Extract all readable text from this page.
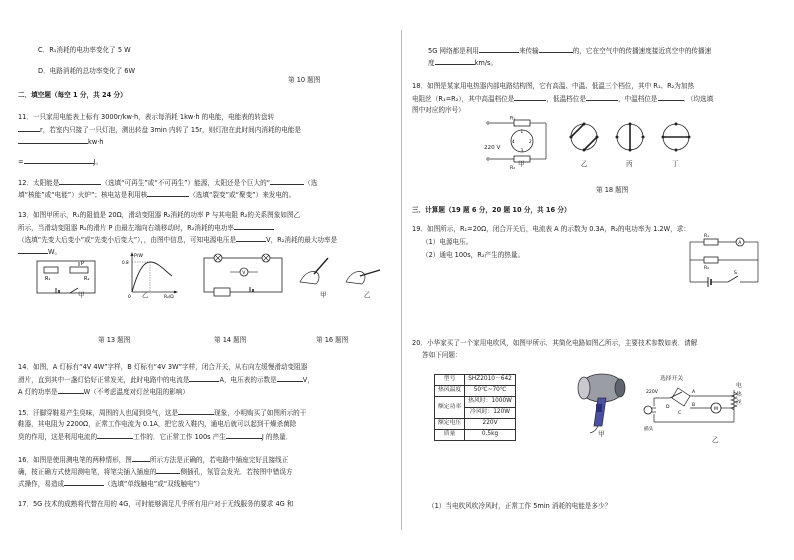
C．R₁消耗的电功率变化了 5 W
D．电路消耗的总功率变化了 6W
第 10 题图
二．填空题（每空 1 分，共 24 分）
11．一只家用电能表上标有 3000r/kw·h，表示每消耗 1kw·h 的电能，电能表的转盘转
r，若室内只接了一只灯泡，测出转盘 3min 内转了 15r，则灯泡在此时间内消耗的电能是
kw·h
=	J。
12．太阳能是	（选填“可再生”或“不可再生”）能源，太阳还是个巨大的“	（选
填“核能”或“电能”）火炉”；核电站是利用核	（选填“裂变”或“聚变”）来发电的。
13．如图甲所示，R₁的阻值是 20Ω，滑动变阻器 R₂消耗的功率 P 与其电阻 R₂的关系图象如图乙
所示，当滑动变阻器 R₂的滑片 P 由最左端向右端移动时，R₂消耗的电功率
（选填“先变大后变小”或“先变小后变大”），，由图中信息，可知电源电压是	V，R₂消耗的最大功率是
W。
R₁
P
R₂
甲
P/W
0.8
0	R₂/Ω
乙
V
甲	乙
第 13 题图	第 14 题图	第 16 题图
14．如图，A 灯标有“4V 4W”字样，B 灯标有“4V 3W”字样，闭合开关，从右向左缓慢滑动变阻器
滑片，直到其中一盏灯恰好正常发光，此时电路中的电流是	A，电压表的示数是	V，
A 灯的功率是	W（不考虑温度对灯丝电阻的影响）
15．汗脚穿鞋易产生臭味，周围的人也闻到臭气，这是	现象，小明购买了如图所示的干
鞋器，其电阻为 2200Ω，正常工作电流为 0.1A，把它放入鞋内，通电后就可以起到干燥杀菌除
臭的作用，这是利用电流的	工作的．它正常工作 100s 产生	J 的热量．
16．如图是使用测电笔的两种情形，图	所示方法是正确的，若电路中插座完好且接线正
确，按正确方式使用测电笔，将笔尖插入插座的	侧插孔，氖管会发光．若按图中错误方
式操作，易造成	（选填“单线触电”或“双线触电”）
17．5G 技术的成熟将代替在用的 4G，可时能够满足几乎所有用户对于无线服务的要求 4G 和
5G 网络都是利用	来传输	的，它在空气中的传播速度接近真空中的传播速
度	km/s。
18．如图是某家用电热器内部电路结构图，它有高温、中温、低温三个档位，其中 R₁、R₂为加热
电阻丝（R₁=R₂），其中高温档位是	，低温档位是	，中温档位是	．（均选填
图中对应的序号）
R₁
R₂
1
2
3
4
220 V
甲	乙	丙	丁
第 18 题图
三．计算题（19 题 6 分，20 题 10 分，共 16 分）
19．如图所示，R₁=20Ω，闭合开关后，电流表 A 的示数为 0.3A，R₂的电功率为 1.2W，求：
（1）电源电压。
（2）通电 100s，R₂产生的热量。
R₁
R₂
A
S
20．小华家买了一个家用电吹风，如图甲所示．其简化电路如图乙所示，主要技术参数如表．请解
答如下问题：
型号	SHZ2010－642
热风温度	50℃~70℃
额定功率	热风时：1000W
	冷风时：120W
额定电压	220V
质量	0.5kg	甲
选择开关
220V
插头
M
A
B
D
C
电热丝
乙
（1）当电吹风吹冷风时，正常工作 5min 消耗的电能是多少？
